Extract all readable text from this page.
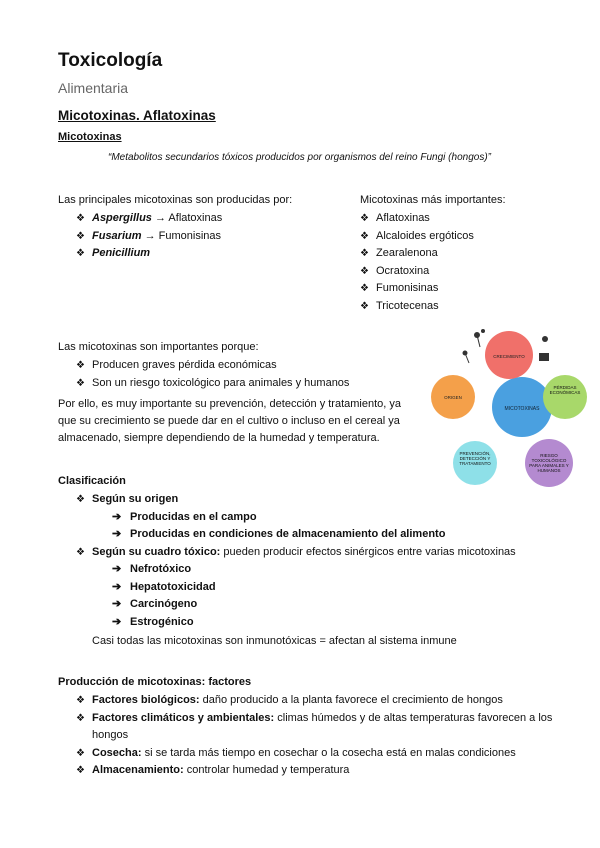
Toxicología
Alimentaria
Micotoxinas. Aflatoxinas
Micotoxinas
“Metabolitos secundarios tóxicos producidos por organismos del reino Fungi (hongos)”
Las principales micotoxinas son producidas por:
❖ Aspergillus → Aflatoxinas
❖ Fusarium → Fumonisinas
❖ Penicillium
Micotoxinas más importantes:
❖ Aflatoxinas
❖ Alcaloides ergóticos
❖ Zearalenona
❖ Ocratoxina
❖ Fumonisinas
❖ Tricotecenas
Las micotoxinas son importantes porque:
❖ Producen graves pérdida económicas
❖ Son un riesgo toxicológico para animales y humanos
Por ello, es muy importante su prevención, detección y tratamiento, ya
que su crecimiento se puede dar en el cultivo o incluso en el cereal ya
almacenado, siempre dependiendo de la humedad y temperatura.
MICOTOXINAS
CRECIMIENTO
PÉRDIDAS ECONÓMICAS
RIESGO TOXICOLÓGICO PARA ANIMALES Y HUMANOS
PREVENCIÓN, DETECCIÓN Y TRATAMIENTO
ORIGEN
Clasificación
❖ Según su origen
➔ Producidas en el campo
➔ Producidas en condiciones de almacenamiento del alimento
❖ Según su cuadro tóxico: pueden producir efectos sinérgicos entre varias micotoxinas
➔ Nefrotóxico
➔ Hepatotoxicidad
➔ Carcinógeno
➔ Estrogénico
Casi todas las micotoxinas son inmunotóxicas = afectan al sistema inmune
Producción de micotoxinas: factores
❖ Factores biológicos: daño producido a la planta favorece el crecimiento de hongos
❖ Factores climáticos y ambientales: climas húmedos y de altas temperaturas favorecen a los
hongos
❖ Cosecha: si se tarda más tiempo en cosechar o la cosecha está en malas condiciones
❖ Almacenamiento: controlar humedad y temperatura
